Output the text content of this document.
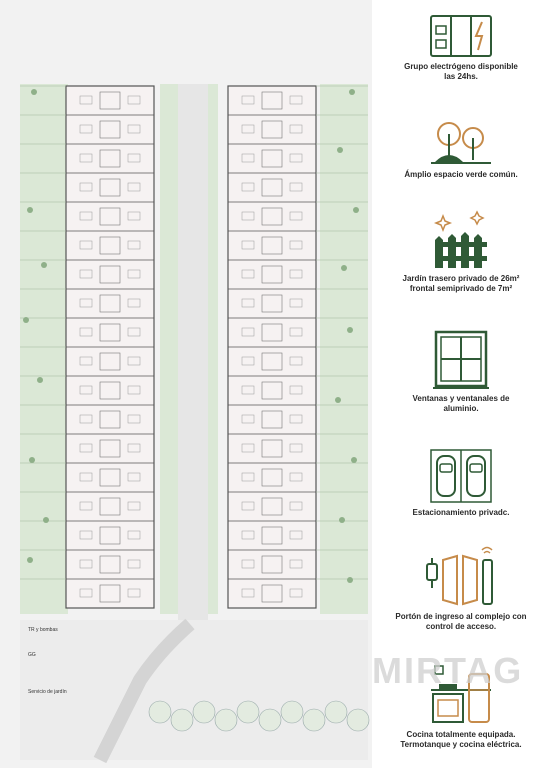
TR y bombas
GG
Servicio de jardín
Grupo electrógeno disponible
las 24hs.
Ámplio espacio verde común.
Jardín trasero privado de 26m²
frontal semiprivado de 7m²
Ventanas y ventanales de
aluminio.
Estacionamiento privadc.
Portón de ingreso al complejo con
control de acceso.
Cocina totalmente equipada.
Termotanque y cocina eléctrica.
MIRTAG
